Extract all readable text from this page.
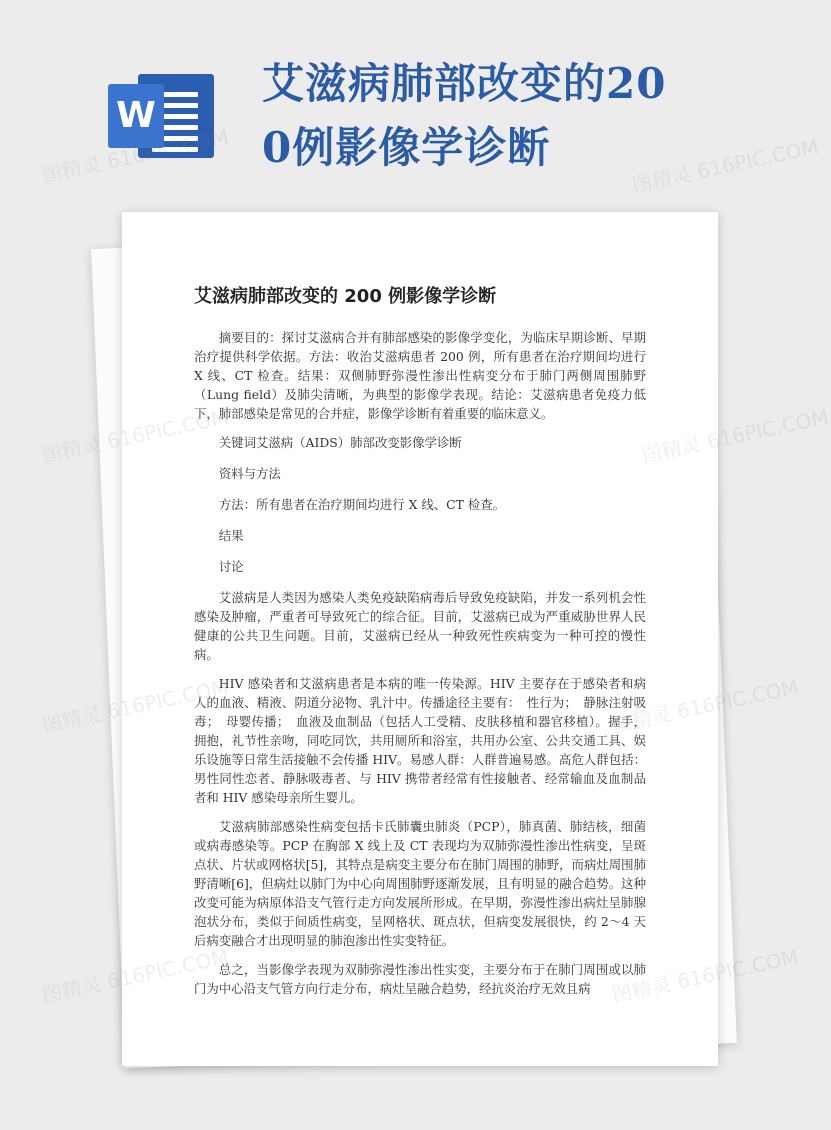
W
艾滋病肺部改变的200例影像学诊断
艾滋病肺部改变的 200 例影像学诊断

摘要目的：探讨艾滋病合并有肺部感染的影像学变化，为临床早期诊断、早期治疗提供科学依据。方法：收治艾滋病患者 200 例，所有患者在治疗期间均进行 X 线、CT 检查。结果：双侧肺野弥漫性渗出性病变分布于肺门两侧周围肺野（Lung field）及肺尖清晰，为典型的影像学表现。结论：艾滋病患者免疫力低下，肺部感染是常见的合并症，影像学诊断有着重要的临床意义。

关键词艾滋病（AIDS）肺部改变影像学诊断

资料与方法

方法：所有患者在治疗期间均进行 X 线、CT 检查。

结果

讨论

艾滋病是人类因为感染人类免疫缺陷病毒后导致免疫缺陷，并发一系列机会性感染及肿瘤，严重者可导致死亡的综合征。目前，艾滋病已成为严重威胁世界人民健康的公共卫生问题。目前，艾滋病已经从一种致死性疾病变为一种可控的慢性病。

HIV 感染者和艾滋病患者是本病的唯一传染源。HIV 主要存在于感染者和病人的血液、精液、阴道分泌物、乳汁中。传播途径主要有：　性行为；　静脉注射吸毒；　母婴传播；　血液及血制品（包括人工受精、皮肤移植和器官移植）。握手，拥抱，礼节性亲吻，同吃同饮，共用厕所和浴室，共用办公室、公共交通工具、娱乐设施等日常生活接触不会传播 HIV。易感人群：人群普遍易感。高危人群包括：男性同性恋者、静脉吸毒者、与 HIV 携带者经常有性接触者、经常输血及血制品者和 HIV 感染母亲所生婴儿。

艾滋病肺部感染性病变包括卡氏肺囊虫肺炎（PCP），肺真菌、肺结核，细菌或病毒感染等。PCP 在胸部 X 线上及 CT 表现均为双肺弥漫性渗出性病变，呈斑点状、片状或网格状[5]，其特点是病变主要分布在肺门周围的肺野，而病灶周围肺野清晰[6]，但病灶以肺门为中心向周围肺野逐渐发展，且有明显的融合趋势。这种改变可能为病原体沿支气管行走方向发展所形成。在早期，弥漫性渗出病灶呈肺腺泡状分布，类似于间质性病变，呈网格状、斑点状，但病变发展很快，约 2～4 天后病变融合才出现明显的肺泡渗出性实变特征。

总之，当影像学表现为双肺弥漫性渗出性实变，主要分布于在肺门周围或以肺门为中心沿支气管方向行走分布，病灶呈融合趋势，经抗炎治疗无效且病

图精灵 616PIC.COM	图精灵 616PIC.COM
图精灵	图精灵 616PIC.COM
图精灵	616PIC.COM
图精灵	616PIC.COM
